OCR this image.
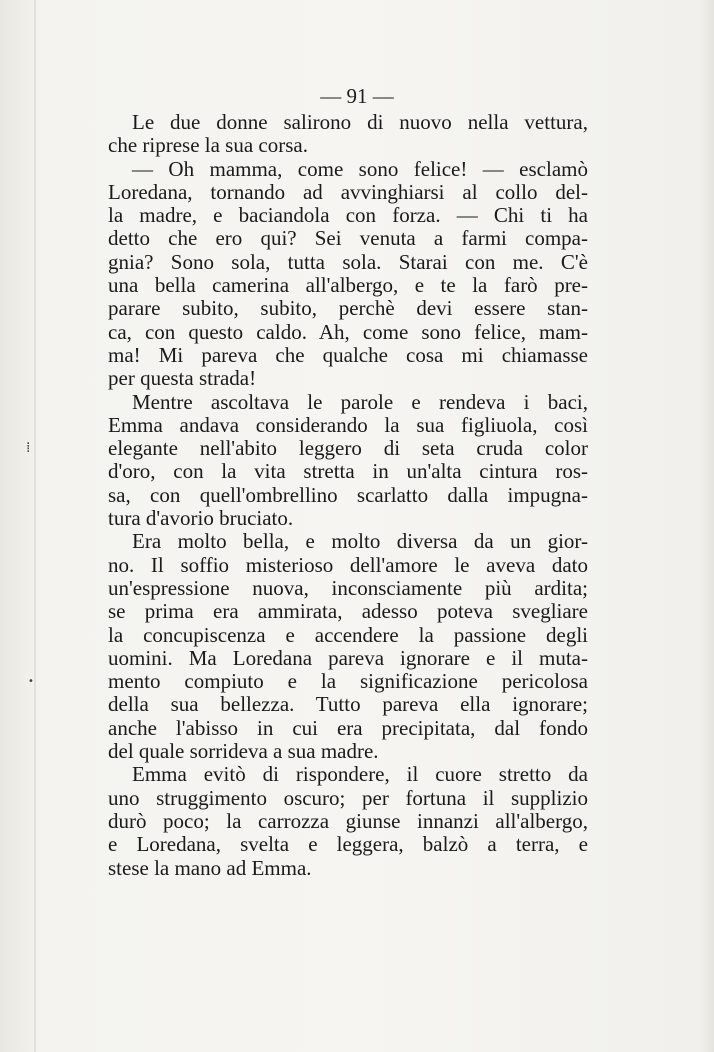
— 91 —
Le due donne salirono di nuovo nella vettura,
che riprese la sua corsa.
— Oh mamma, come sono felice! — esclamò
Loredana, tornando ad avvinghiarsi al collo del-
la madre, e baciandola con forza. — Chi ti ha
detto che ero qui? Sei venuta a farmi compa-
gnia? Sono sola, tutta sola. Starai con me. C'è
una bella camerina all'albergo, e te la farò pre-
parare subito, subito, perchè devi essere stan-
ca, con questo caldo. Ah, come sono felice, mam-
ma! Mi pareva che qualche cosa mi chiamasse
per questa strada!
Mentre ascoltava le parole e rendeva i baci,
Emma andava considerando la sua figliuola, così
elegante nell'abito leggero di seta cruda color
d'oro, con la vita stretta in un'alta cintura ros-
sa, con quell'ombrellino scarlatto dalla impugna-
tura d'avorio bruciato.
Era molto bella, e molto diversa da un gior-
no. Il soffio misterioso dell'amore le aveva dato
un'espressione nuova, inconsciamente più ardita;
se prima era ammirata, adesso poteva svegliare
la concupiscenza e accendere la passione degli
uomini. Ma Loredana pareva ignorare e il muta-
mento compiuto e la significazione pericolosa
della sua bellezza. Tutto pareva ella ignorare;
anche l'abisso in cui era precipitata, dal fondo
del quale sorrideva a sua madre.
Emma evitò di rispondere, il cuore stretto da
uno struggimento oscuro; per fortuna il supplizio
durò poco; la carrozza giunse innanzi all'albergo,
e Loredana, svelta e leggera, balzò a terra, e
stese la mano ad Emma.
⁞
•
